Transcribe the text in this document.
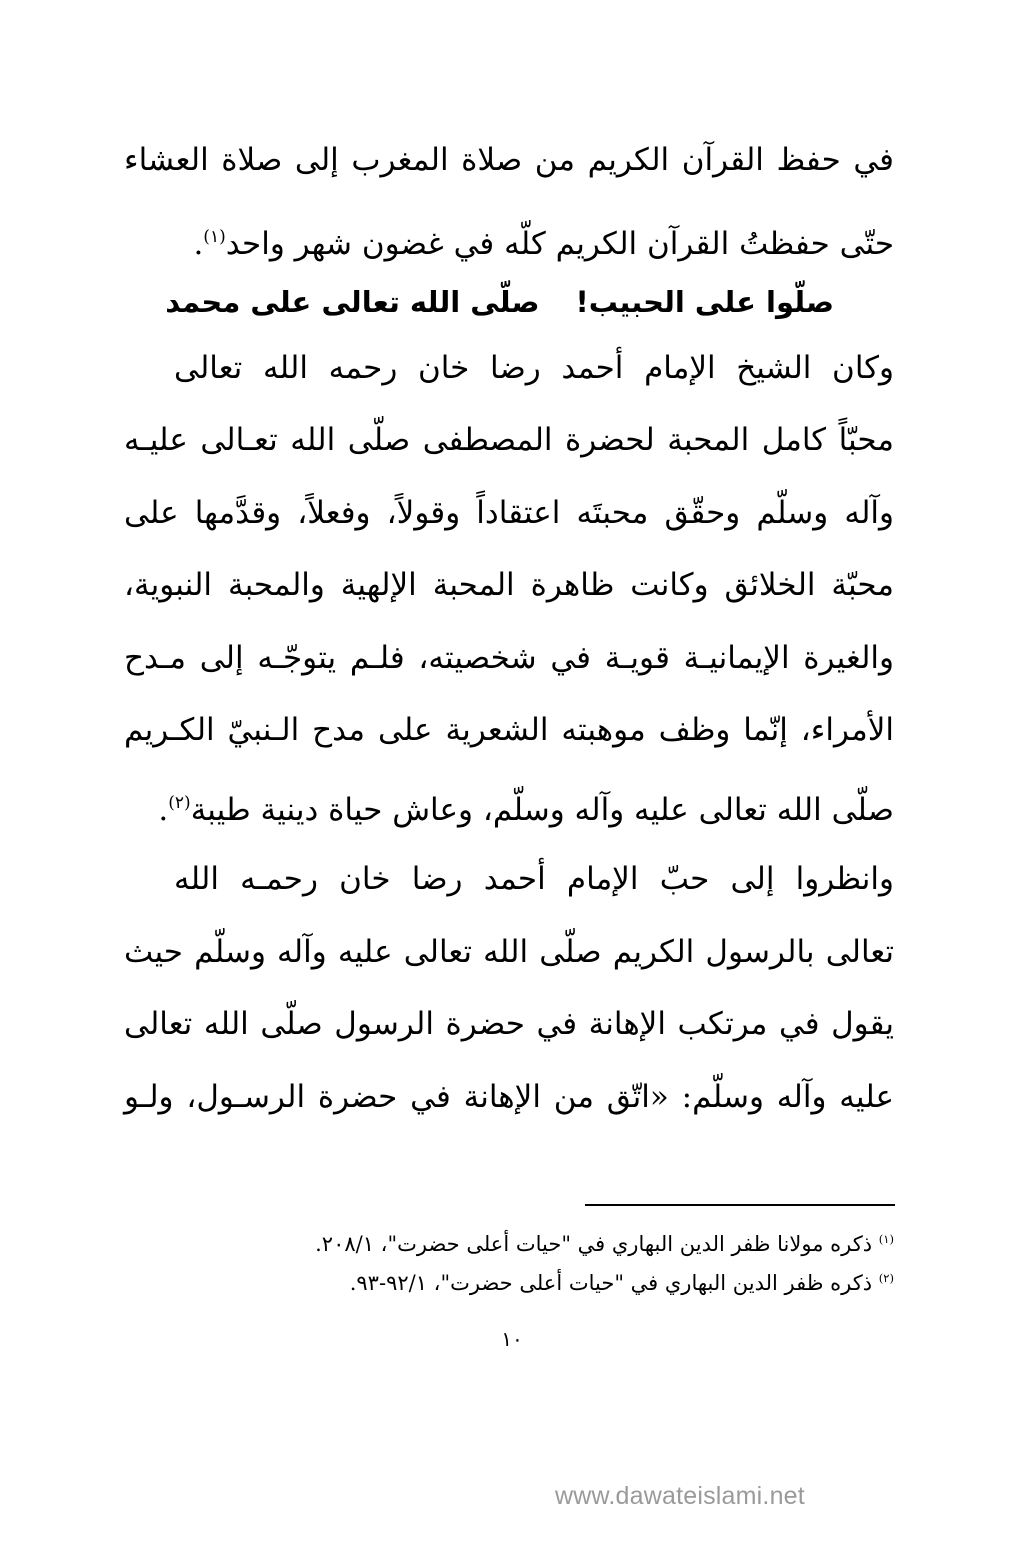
في حفظ القرآن الكريم من صلاة المغرب إلى صلاة العشاء
حتّى حفظتُ القرآن الكريم كلّه في غضون شهر واحد$^{(١)}$.
صلّوا على الحبيب!
صلّى الله تعالى على محمد
وكان الشيخ الإمام أحمد رضا خان رحمه الله تعالى
محبّاً كامل المحبة لحضرة المصطفى صلّى الله تعـالى عليـه
وآله وسلّم وحقّق محبتَه اعتقاداً وقولاً، وفعلاً، وقدَّمها على
محبّة الخلائق وكانت ظاهرة المحبة الإلهية والمحبة النبوية،
والغيرة الإيمانيـة قويـة في شخصيته، فلـم يتوجّـه إلى مـدح
الأمراء، إنّما وظف موهبته الشعرية على مدح الـنبيّ الكـريم
صلّى الله تعالى عليه وآله وسلّم، وعاش حياة دينية طيبة$^{(٢)}$.
وانظروا إلى حبّ الإمام أحمد رضا خان رحمـه الله
تعالى بالرسول الكريم صلّى الله تعالى عليه وآله وسلّم حيث
يقول في مرتكب الإهانة في حضرة الرسول صلّى الله تعالى
عليه وآله وسلّم: «اتّق من الإهانة في حضرة الرسـول، ولـو
$^{(١)}$ ذكره مولانا ظفر الدين البهاري في "حيات أعلى حضرت"، ٢٠٨/١.
$^{(٢)}$ ذكره ظفر الدين البهاري في "حيات أعلى حضرت"، ٩٢/١-٩٣.
١٠
www.dawateislami.net
